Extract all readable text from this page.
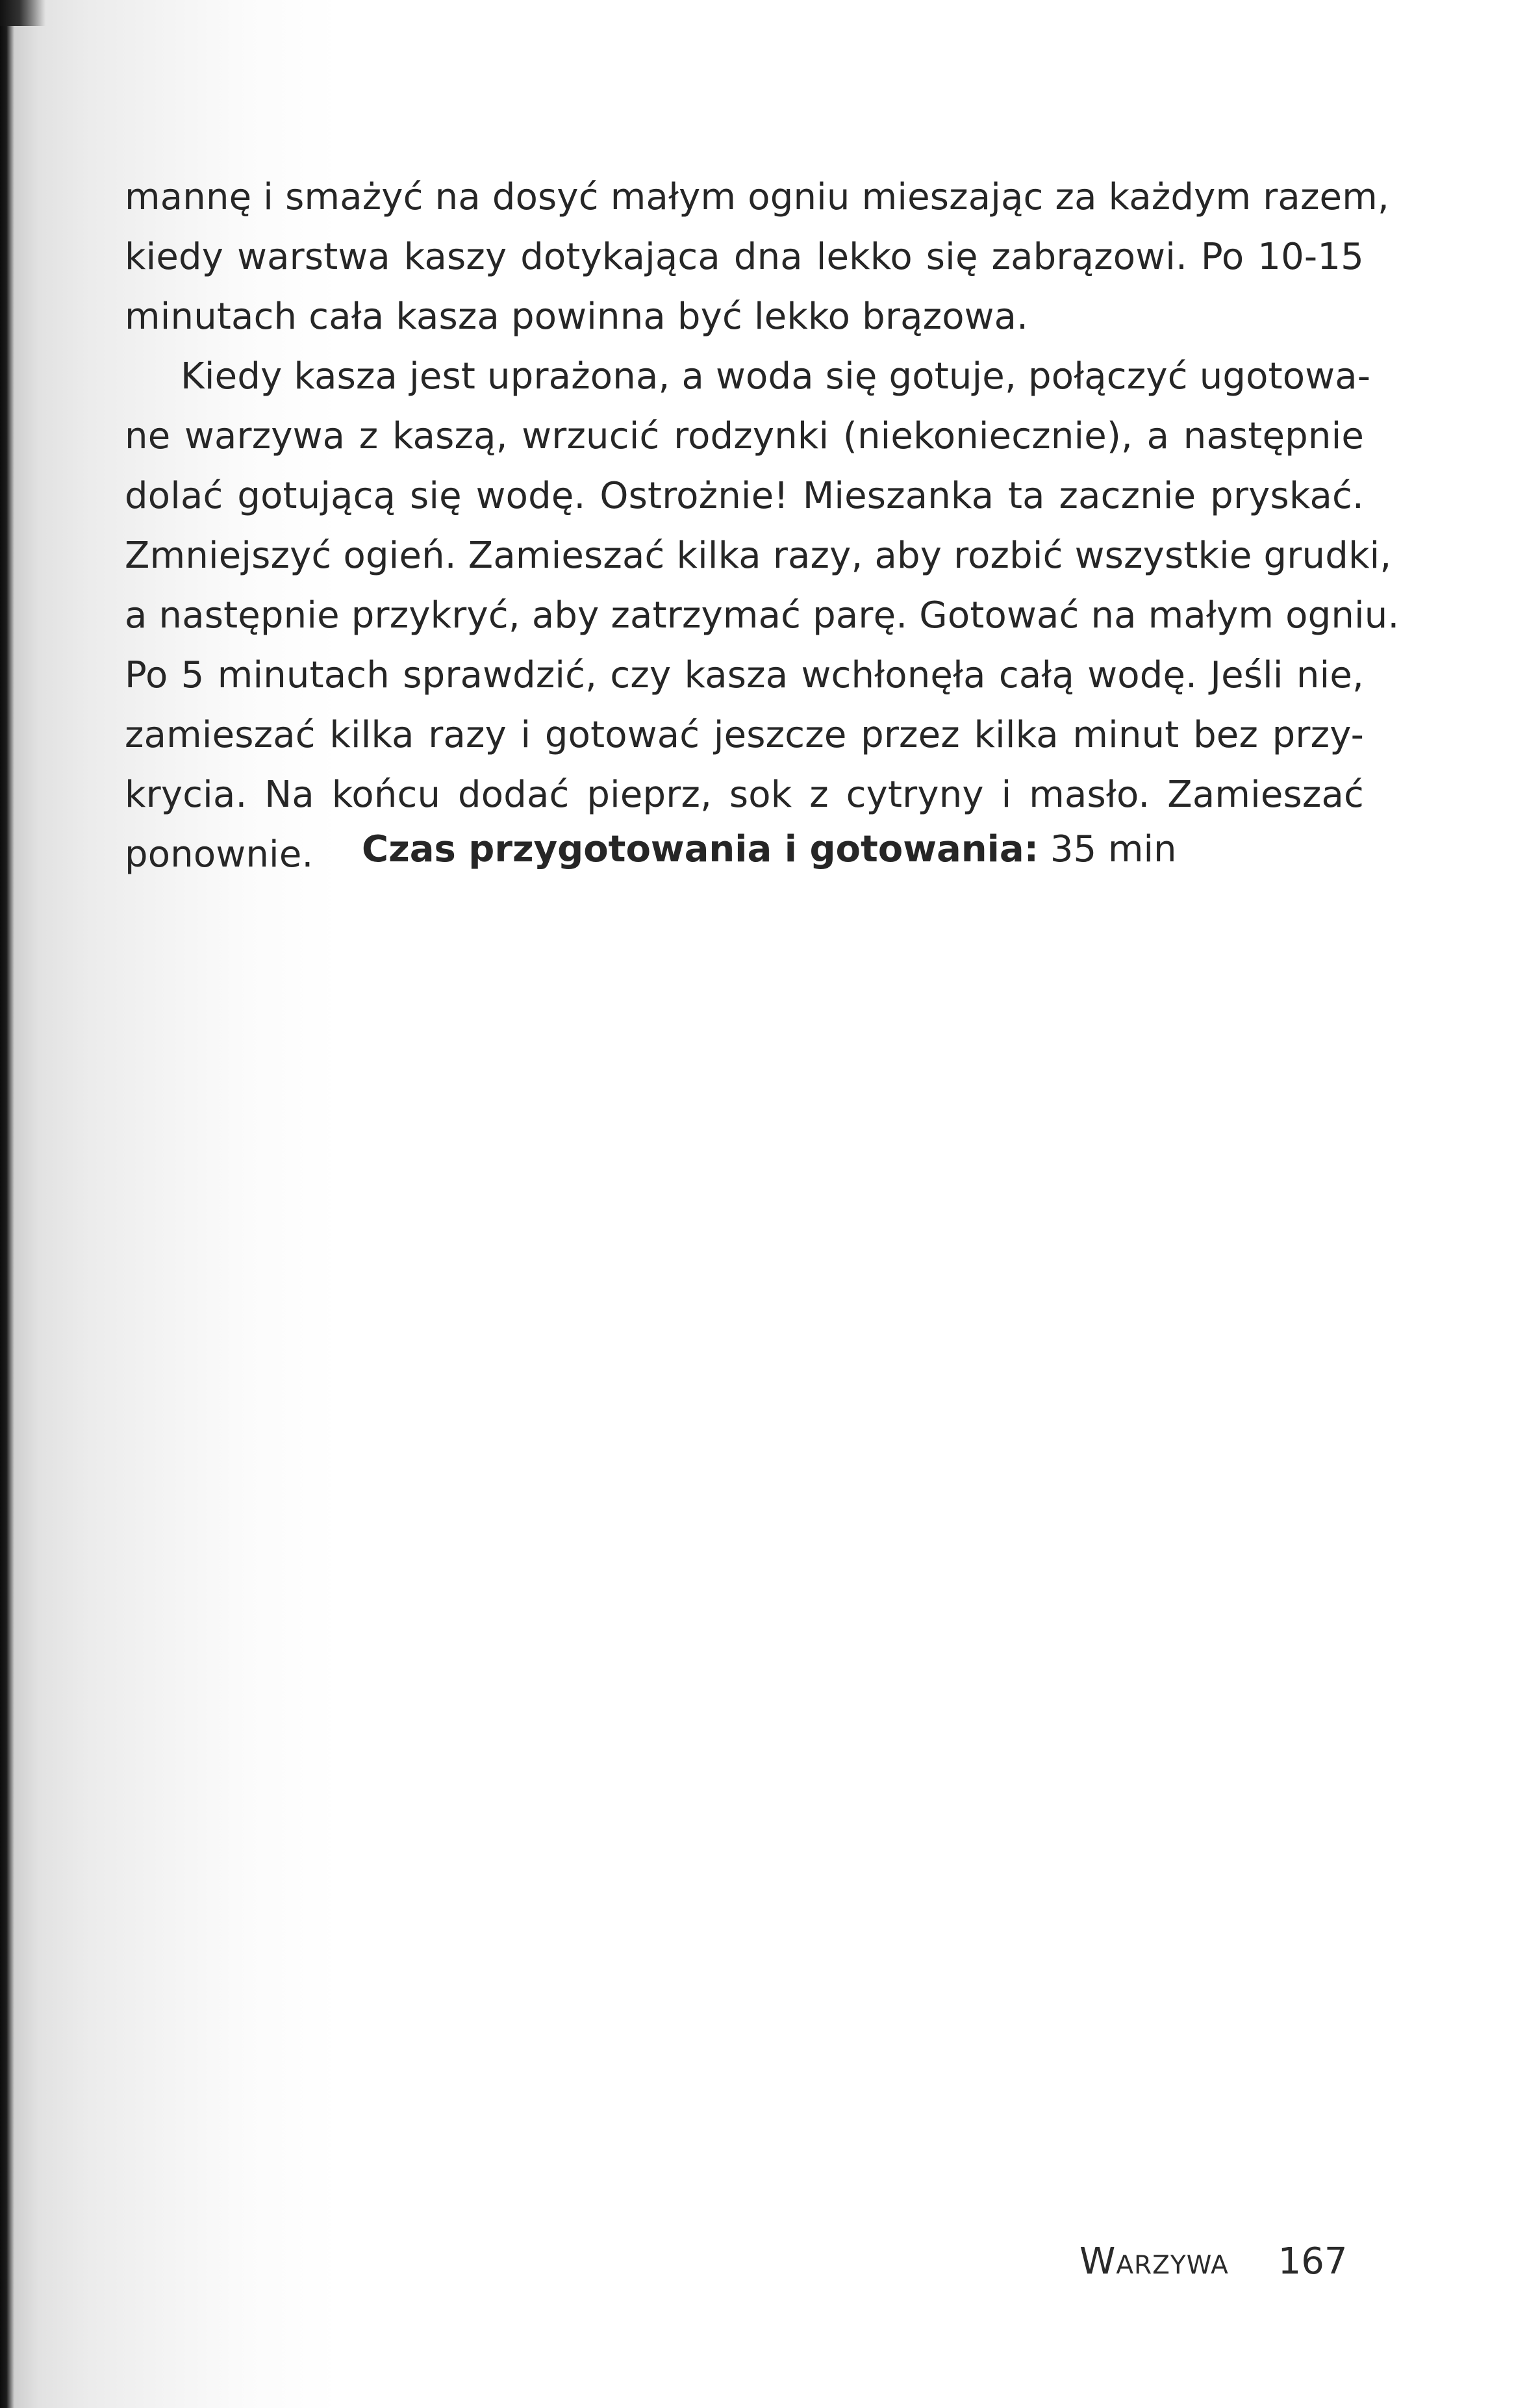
mannę i smażyć na dosyć małym ogniu mieszając za każdym razem,
kiedy warstwa kaszy dotykająca dna lekko się zabrązowi. Po 10-15
minutach cała kasza powinna być lekko brązowa.
Kiedy kasza jest uprażona, a woda się gotuje, połączyć ugotowa-
ne warzywa z kaszą, wrzucić rodzynki (niekoniecznie), a następnie
dolać gotującą się wodę. Ostrożnie! Mieszanka ta zacznie pryskać.
Zmniejszyć ogień. Zamieszać kilka razy, aby rozbić wszystkie grudki,
a następnie przykryć, aby zatrzymać parę. Gotować na małym ogniu.
Po 5 minutach sprawdzić, czy kasza wchłonęła całą wodę. Jeśli nie,
zamieszać kilka razy i gotować jeszcze przez kilka minut bez przy-
krycia. Na końcu dodać pieprz, sok z cytryny i masło. Zamieszać
ponownie.	Czas przygotowania i gotowania: 35 min
Warzywa 167
